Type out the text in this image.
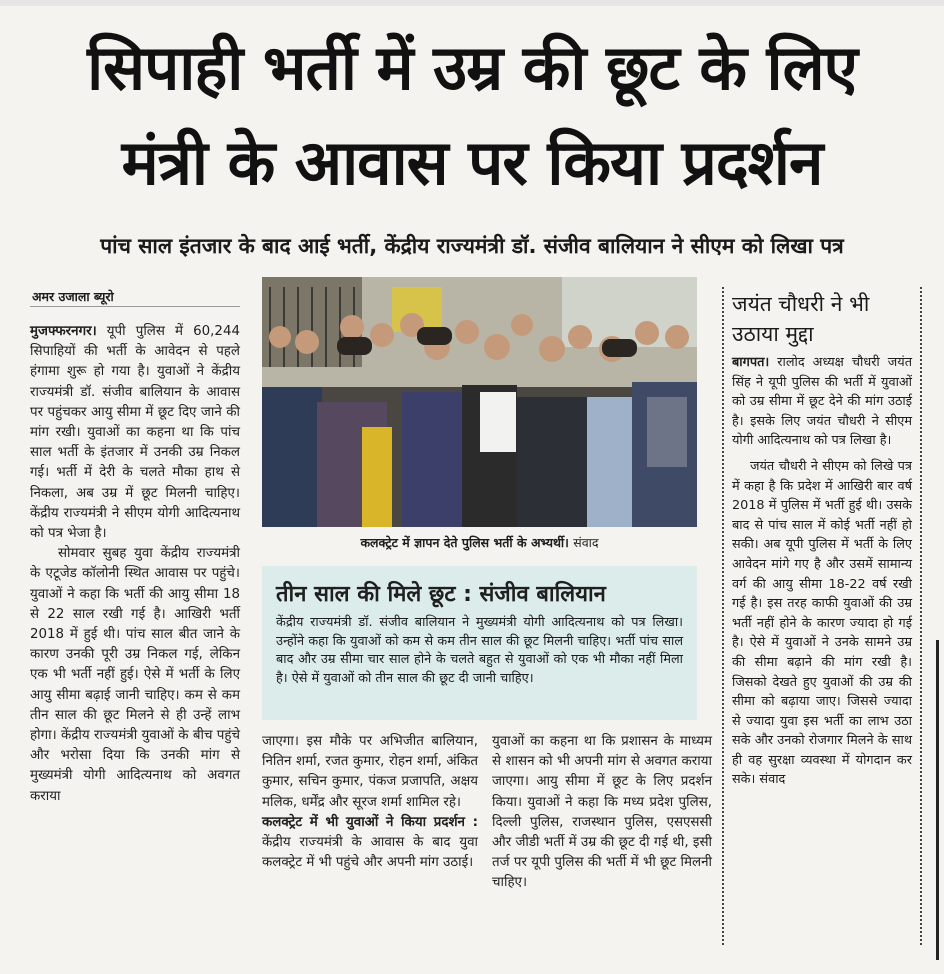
सिपाही भर्ती में उम्र की छूट के लिए
मंत्री के आवास पर किया प्रदर्शन
पांच साल इंतजार के बाद आई भर्ती, केंद्रीय राज्यमंत्री डॉ. संजीव बालियान ने सीएम को लिखा पत्र
अमर उजाला ब्यूरो

मुजफ्फरनगर। यूपी पुलिस में 60,244 सिपाहियों की भर्ती के आवेदन से पहले हंगामा शुरू हो गया है। युवाओं ने केंद्रीय राज्यमंत्री डॉ. संजीव बालियान के आवास पर पहुंचकर आयु सीमा में छूट दिए जाने की मांग रखी। युवाओं का कहना था कि पांच साल भर्ती के इंतजार में उनकी उम्र निकल गई। भर्ती में देरी के चलते मौका हाथ से निकला, अब उम्र में छूट मिलनी चाहिए। केंद्रीय राज्यमंत्री ने सीएम योगी आदित्यनाथ को पत्र भेजा है।

सोमवार सुबह युवा केंद्रीय राज्यमंत्री के एटूजेड कॉलोनी स्थित आवास पर पहुंचे। युवाओं ने कहा कि भर्ती की आयु सीमा 18 से 22 साल रखी गई है। आखिरी भर्ती 2018 में हुई थी। पांच साल बीत जाने के कारण उनकी पूरी उम्र निकल गई, लेकिन एक भी भर्ती नहीं हुई। ऐसे में भर्ती के लिए आयु सीमा बढ़ाई जानी चाहिए। कम से कम तीन साल की छूट मिलने से ही उन्हें लाभ होगा। केंद्रीय राज्यमंत्री युवाओं के बीच पहुंचे और भरोसा दिया कि उनकी मांग से मुख्यमंत्री योगी आदित्यनाथ को अवगत कराया

कलक्ट्रेट में ज्ञापन देते पुलिस भर्ती के अभ्यर्थी। संवाद
तीन साल की मिले छूट : संजीव बालियान
केंद्रीय राज्यमंत्री डॉ. संजीव बालियान ने मुख्यमंत्री योगी आदित्यनाथ को पत्र लिखा। उन्होंने कहा कि युवाओं को कम से कम तीन साल की छूट मिलनी चाहिए। भर्ती पांच साल बाद और उम्र सीमा चार साल होने के चलते बहुत से युवाओं को एक भी मौका नहीं मिला है। ऐसे में युवाओं को तीन साल की छूट दी जानी चाहिए।

जाएगा। इस मौके पर अभिजीत बालियान, नितिन शर्मा, रजत कुमार, रोहन शर्मा, अंकित कुमार, सचिन कुमार, पंकज प्रजापति, अक्षय मलिक, धर्मेंद्र और सूरज शर्मा शामिल रहे।

कलक्ट्रेट में भी युवाओं ने किया प्रदर्शन : केंद्रीय राज्यमंत्री के आवास के बाद युवा कलक्ट्रेट में भी पहुंचे और अपनी मांग उठाई।

युवाओं का कहना था कि प्रशासन के माध्यम से शासन को भी अपनी मांग से अवगत कराया जाएगा। आयु सीमा में छूट के लिए प्रदर्शन किया। युवाओं ने कहा कि मध्य प्रदेश पुलिस, दिल्ली पुलिस, राजस्थान पुलिस, एसएससी और जीडी भर्ती में उम्र की छूट दी गई थी, इसी तर्ज पर यूपी पुलिस की भर्ती में भी छूट मिलनी चाहिए।

जयंत चौधरी ने भी उठाया मुद्दा

बागपत। रालोद अध्यक्ष चौधरी जयंत सिंह ने यूपी पुलिस की भर्ती में युवाओं को उम्र सीमा में छूट देने की मांग उठाई है। इसके लिए जयंत चौधरी ने सीएम योगी आदित्यनाथ को पत्र लिखा है।

जयंत चौधरी ने सीएम को लिखे पत्र में कहा है कि प्रदेश में आखिरी बार वर्ष 2018 में पुलिस में भर्ती हुई थी। उसके बाद से पांच साल में कोई भर्ती नहीं हो सकी। अब यूपी पुलिस में भर्ती के लिए आवेदन मांगे गए है और उसमें सामान्य वर्ग की आयु सीमा 18-22 वर्ष रखी गई है। इस तरह काफी युवाओं की उम्र भर्ती नहीं होने के कारण ज्यादा हो गई है। ऐसे में युवाओं ने उनके सामने उम्र की सीमा बढ़ाने की मांग रखी है। जिसको देखते हुए युवाओं की उम्र की सीमा को बढ़ाया जाए। जिससे ज्यादा से ज्यादा युवा इस भर्ती का लाभ उठा सके और उनको रोजगार मिलने के साथ ही वह सुरक्षा व्यवस्था में योगदान कर सके। संवाद
